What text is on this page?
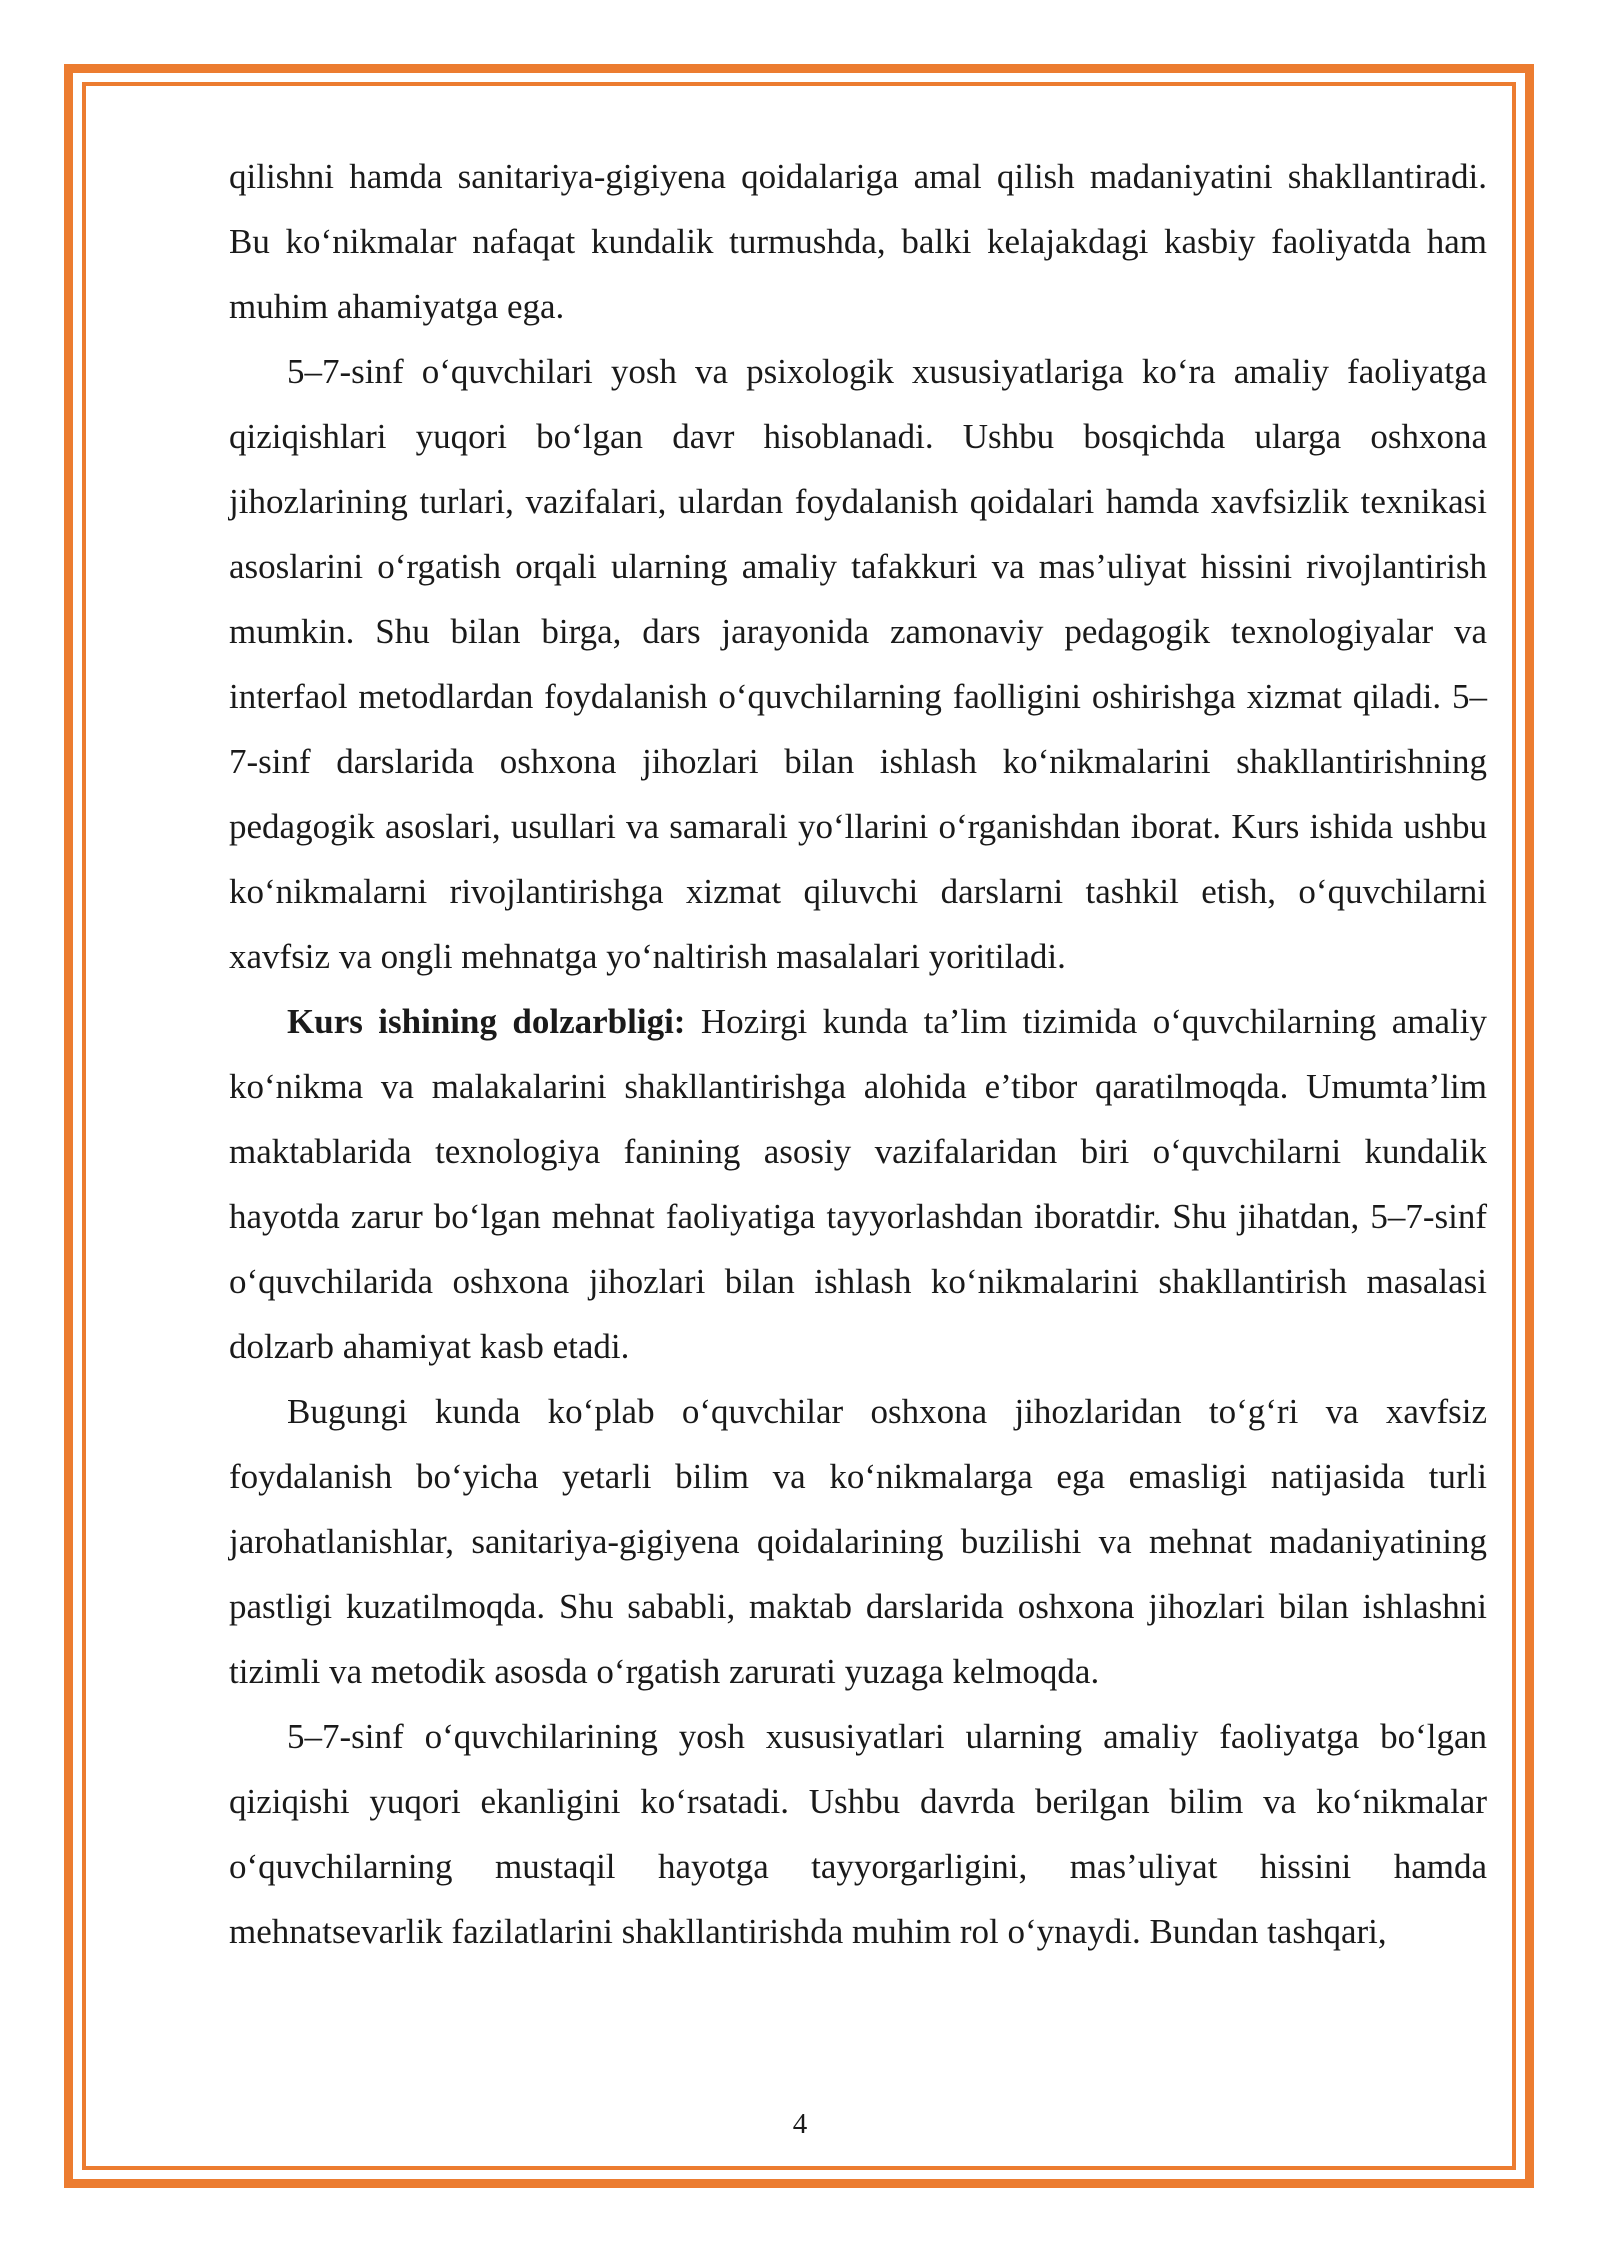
qilishni hamda sanitariya-gigiyena qoidalariga amal qilish madaniyatini shakllantiradi. Bu ko‘nikmalar nafaqat kundalik turmushda, balki kelajakdagi kasbiy faoliyatda ham muhim ahamiyatga ega.

5–7-sinf o‘quvchilari yosh va psixologik xususiyatlariga ko‘ra amaliy faoliyatga qiziqishlari yuqori bo‘lgan davr hisoblanadi. Ushbu bosqichda ularga oshxona jihozlarining turlari, vazifalari, ulardan foydalanish qoidalari hamda xavfsizlik texnikasi asoslarini o‘rgatish orqali ularning amaliy tafakkuri va mas’uliyat hissini rivojlantirish mumkin. Shu bilan birga, dars jarayonida zamonaviy pedagogik texnologiyalar va interfaol metodlardan foydalanish o‘quvchilarning faolligini oshirishga xizmat qiladi. 5–7-sinf darslarida oshxona jihozlari bilan ishlash ko‘nikmalarini shakllantirishning pedagogik asoslari, usullari va samarali yo‘llarini o‘rganishdan iborat. Kurs ishida ushbu ko‘nikmalarni rivojlantirishga xizmat qiluvchi darslarni tashkil etish, o‘quvchilarni xavfsiz va ongli mehnatga yo‘naltirish masalalari yoritiladi.

Kurs ishining dolzarbligi: Hozirgi kunda ta’lim tizimida o‘quvchilarning amaliy ko‘nikma va malakalarini shakllantirishga alohida e’tibor qaratilmoqda. Umumta’lim maktablarida texnologiya fanining asosiy vazifalaridan biri o‘quvchilarni kundalik hayotda zarur bo‘lgan mehnat faoliyatiga tayyorlashdan iboratdir. Shu jihatdan, 5–7-sinf o‘quvchilarida oshxona jihozlari bilan ishlash ko‘nikmalarini shakllantirish masalasi dolzarb ahamiyat kasb etadi.

Bugungi kunda ko‘plab o‘quvchilar oshxona jihozlaridan to‘g‘ri va xavfsiz foydalanish bo‘yicha yetarli bilim va ko‘nikmalarga ega emasligi natijasida turli jarohatlanishlar, sanitariya-gigiyena qoidalarining buzilishi va mehnat madaniyatining pastligi kuzatilmoqda. Shu sababli, maktab darslarida oshxona jihozlari bilan ishlashni tizimli va metodik asosda o‘rgatish zarurati yuzaga kelmoqda.

5–7-sinf o‘quvchilarining yosh xususiyatlari ularning amaliy faoliyatga bo‘lgan qiziqishi yuqori ekanligini ko‘rsatadi. Ushbu davrda berilgan bilim va ko‘nikmalar o‘quvchilarning mustaqil hayotga tayyorgarligini, mas’uliyat hissini hamda mehnatsevarlik fazilatlarini shakllantirishda muhim rol o‘ynaydi. Bundan tashqari,

4
